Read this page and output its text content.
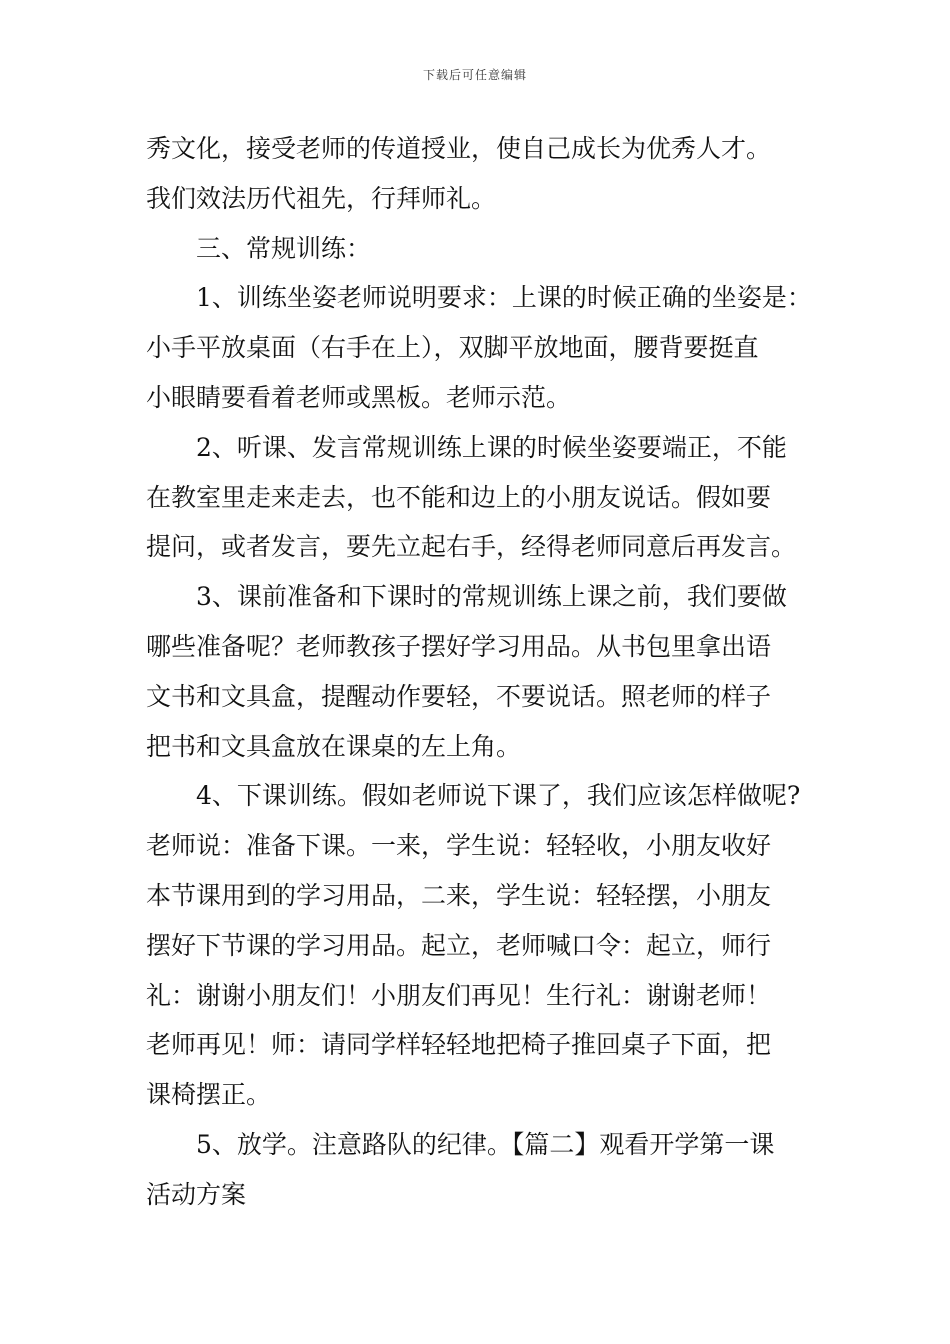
下载后可任意编辑
秀文化，接受老师的传道授业，使自己成长为优秀人才。
我们效法历代祖先，行拜师礼。
三、常规训练：
1、训练坐姿老师说明要求：上课的时候正确的坐姿是：
小手平放桌面（右手在上），双脚平放地面，腰背要挺直
小眼睛要看着老师或黑板。老师示范。
2、听课、发言常规训练上课的时候坐姿要端正，不能
在教室里走来走去，也不能和边上的小朋友说话。假如要
提问，或者发言，要先立起右手，经得老师同意后再发言。
3、课前准备和下课时的常规训练上课之前，我们要做
哪些准备呢？老师教孩子摆好学习用品。从书包里拿出语
文书和文具盒，提醒动作要轻，不要说话。照老师的样子
把书和文具盒放在课桌的左上角。
4、下课训练。假如老师说下课了，我们应该怎样做呢?
老师说：准备下课。一来，学生说：轻轻收，小朋友收好
本节课用到的学习用品，二来，学生说：轻轻摆，小朋友
摆好下节课的学习用品。起立，老师喊口令：起立，师行
礼：谢谢小朋友们！小朋友们再见！生行礼：谢谢老师！
老师再见！师：请同学样轻轻地把椅子推回桌子下面，把
课椅摆正。
5、放学。注意路队的纪律。【篇二】观看开学第一课
活动方案
